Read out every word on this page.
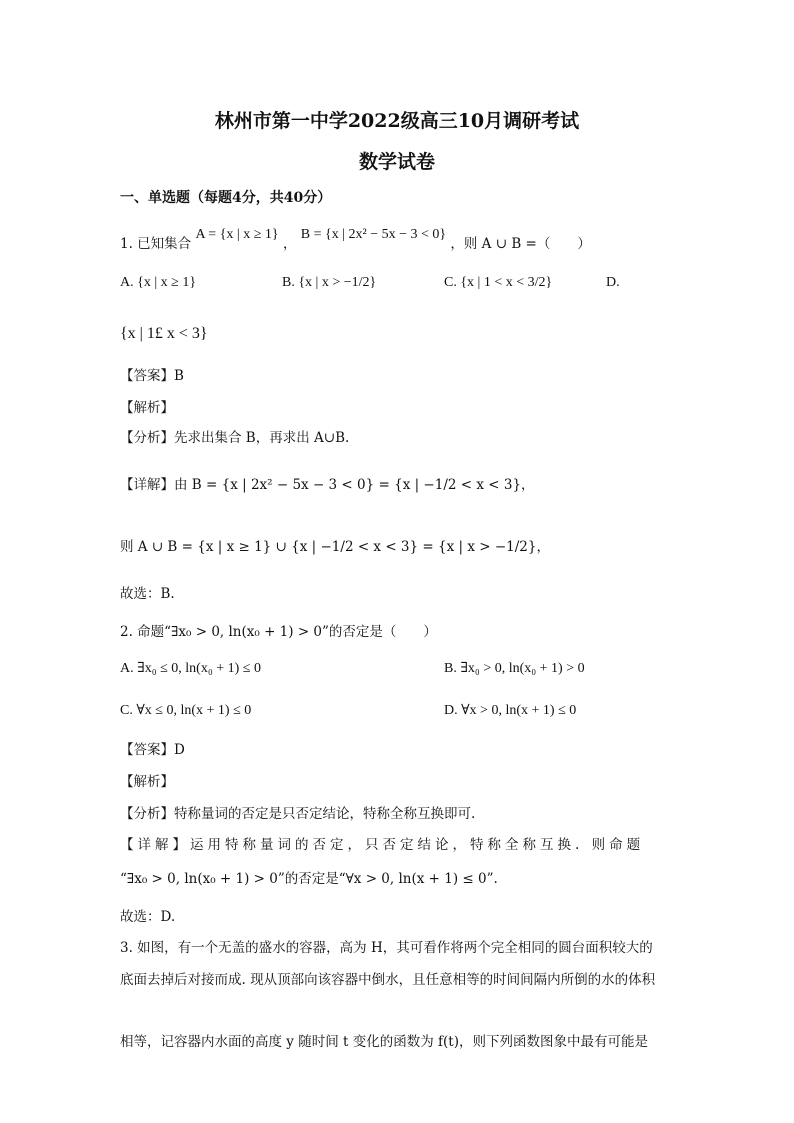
林州市第一中学2022级高三10月调研考试
数学试卷
一、单选题（每题4分，共40分）
1. 已知集合 A = {x | x ≥ 1} ， B = {x | 2x² − 5x − 3 < 0} ，则 A ∪ B =（　　）
A. {x | x ≥ 1}	B. {x | x > −1/2}	C. {x | 1 < x < 3/2}	D.
{x | 1£ x < 3}
【答案】B
【解析】
【分析】先求出集合 B，再求出 A∪B.
【详解】由 B = {x | 2x² − 5x − 3 < 0} = {x | −1/2 < x < 3}，
则 A ∪ B = {x | x ≥ 1} ∪ {x | −1/2 < x < 3} = {x | x > −1/2}，
故选：B.
2. 命题“∃x₀ > 0, ln(x₀ + 1) > 0”的否定是（　　）
A. ∃x₀ ≤ 0, ln(x₀ + 1) ≤ 0	B. ∃x₀ > 0, ln(x₀ + 1) > 0
C. ∀x ≤ 0, ln(x + 1) ≤ 0	D. ∀x > 0, ln(x + 1) ≤ 0
【答案】D
【解析】
【分析】特称量词的否定是只否定结论，特称全称互换即可.
【详解】运用特称量词的否定，只否定结论，特称全称互换. 则命题
“∃x₀ > 0, ln(x₀ + 1) > 0”的否定是“∀x > 0, ln(x + 1) ≤ 0”.
故选：D.
3. 如图，有一个无盖的盛水的容器，高为 H，其可看作将两个完全相同的圆台面积较大的
底面去掉后对接而成. 现从顶部向该容器中倒水，且任意相等的时间间隔内所倒的水的体积
相等，记容器内水面的高度 y 随时间 t 变化的函数为 f(t)，则下列函数图象中最有可能是
